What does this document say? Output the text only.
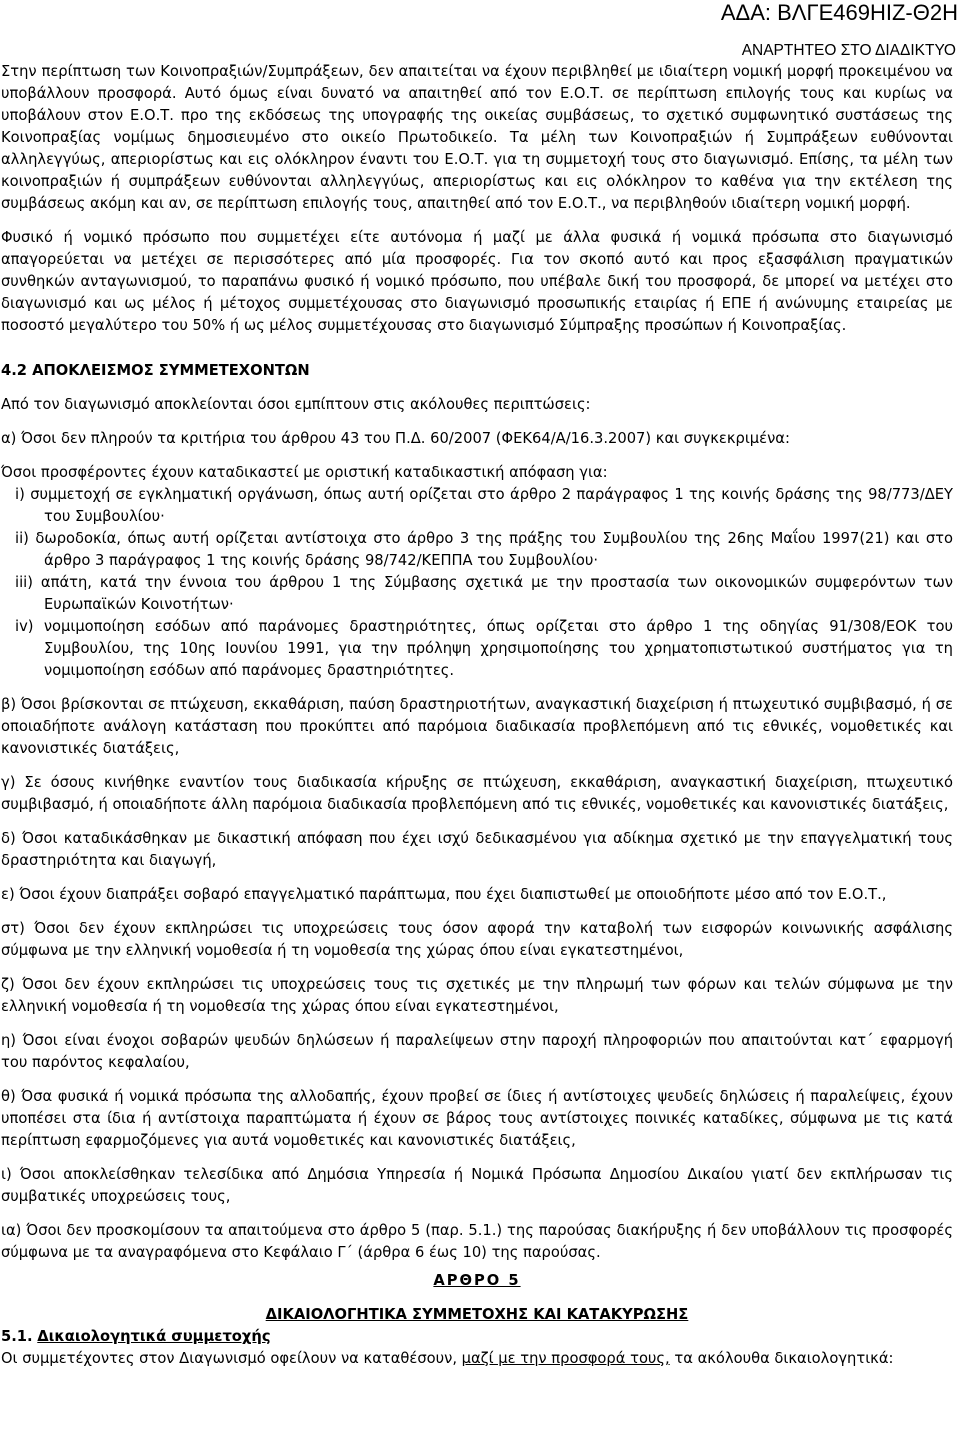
ΑΔΑ: ΒΛΓΕ469ΗΙΖ-Θ2Η
ΑΝΑΡΤΗΤΕΟ ΣΤΟ ΔΙΑΔΙΚΤΥΟ

Στην περίπτωση των Κοινοπραξιών/Συμπράξεων, δεν απαιτείται να έχουν περιβληθεί με ιδιαίτερη νομική μορφή προκειμένου να υποβάλλουν προσφορά. Αυτό όμως είναι δυνατό να απαιτηθεί από τον Ε.Ο.Τ. σε περίπτωση επιλογής τους και κυρίως να υποβάλουν στον Ε.Ο.Τ. προ της εκδόσεως της υπογραφής της οικείας συμβάσεως, το σχετικό συμφωνητικό συστάσεως της Κοινοπραξίας νομίμως δημοσιευμένο στο οικείο Πρωτοδικείο. Τα μέλη των Κοινοπραξιών ή Συμπράξεων ευθύνονται αλληλεγγύως, απεριορίστως και εις ολόκληρον έναντι του Ε.Ο.Τ. για τη συμμετοχή τους στο διαγωνισμό. Επίσης, τα μέλη των κοινοπραξιών ή συμπράξεων ευθύνονται αλληλεγγύως, απεριορίστως και εις ολόκληρον το καθένα για την εκτέλεση της συμβάσεως ακόμη και αν, σε περίπτωση επιλογής τους, απαιτηθεί από τον Ε.Ο.Τ., να περιβληθούν ιδιαίτερη νομική μορφή.

Φυσικό ή νομικό πρόσωπο που συμμετέχει είτε αυτόνομα ή μαζί με άλλα φυσικά ή νομικά πρόσωπα στο διαγωνισμό απαγορεύεται να μετέχει σε περισσότερες από μία προσφορές. Για τον σκοπό αυτό και προς εξασφάλιση πραγματικών συνθηκών ανταγωνισμού, το παραπάνω φυσικό ή νομικό πρόσωπο, που υπέβαλε δική του προσφορά, δε μπορεί να μετέχει στο διαγωνισμό και ως μέλος ή μέτοχος συμμετέχουσας στο διαγωνισμό προσωπικής εταιρίας ή ΕΠΕ ή ανώνυμης εταιρείας με ποσοστό μεγαλύτερο του 50% ή ως μέλος συμμετέχουσας στο διαγωνισμό Σύμπραξης προσώπων ή Κοινοπραξίας.

4.2 ΑΠΟΚΛΕΙΣΜΟΣ ΣΥΜΜΕΤΕΧΟΝΤΩΝ

Από τον διαγωνισμό αποκλείονται όσοι εμπίπτουν στις ακόλουθες περιπτώσεις:

α) Όσοι δεν πληρούν τα κριτήρια του άρθρου 43 του Π.Δ. 60/2007 (ΦΕΚ64/Α/16.3.2007) και συγκεκριμένα:

Όσοι προσφέροντες έχουν καταδικαστεί με οριστική καταδικαστική απόφαση για:

i) συμμετοχή σε εγκληματική οργάνωση, όπως αυτή ορίζεται στο άρθρο 2 παράγραφος 1 της κοινής δράσης της 98/773/ΔΕΥ του Συμβουλίου·

ii) δωροδοκία, όπως αυτή ορίζεται αντίστοιχα στο άρθρο 3 της πράξης του Συμβουλίου της 26ης Μαΐου 1997(21) και στο άρθρο 3 παράγραφος 1 της κοινής δράσης 98/742/ΚΕΠΠΑ του Συμβουλίου·

iii) απάτη, κατά την έννοια του άρθρου 1 της Σύμβασης σχετικά με την προστασία των οικονομικών συμφερόντων των Ευρωπαϊκών Κοινοτήτων·

iv) νομιμοποίηση εσόδων από παράνομες δραστηριότητες, όπως ορίζεται στο άρθρο 1 της οδηγίας 91/308/ΕΟΚ του Συμβουλίου, της 10ης Ιουνίου 1991, για την πρόληψη χρησιμοποίησης του χρηματοπιστωτικού συστήματος για τη νομιμοποίηση εσόδων από παράνομες δραστηριότητες.

β) Όσοι βρίσκονται σε πτώχευση, εκκαθάριση, παύση δραστηριοτήτων, αναγκαστική διαχείριση ή πτωχευτικό συμβιβασμό, ή σε οποιαδήποτε ανάλογη κατάσταση που προκύπτει από παρόμοια διαδικασία προβλεπόμενη από τις εθνικές, νομοθετικές και κανονιστικές διατάξεις,

γ) Σε όσους κινήθηκε εναντίον τους διαδικασία κήρυξης σε πτώχευση, εκκαθάριση, αναγκαστική διαχείριση, πτωχευτικό συμβιβασμό, ή οποιαδήποτε άλλη παρόμοια διαδικασία προβλεπόμενη από τις εθνικές, νομοθετικές και κανονιστικές διατάξεις,

δ) Όσοι καταδικάσθηκαν με δικαστική απόφαση που έχει ισχύ δεδικασμένου για αδίκημα σχετικό με την επαγγελματική τους δραστηριότητα και διαγωγή,

ε) Όσοι έχουν διαπράξει σοβαρό επαγγελματικό παράπτωμα, που έχει διαπιστωθεί με οποιοδήποτε μέσο από τον Ε.Ο.Τ.,

στ) Όσοι δεν έχουν εκπληρώσει τις υποχρεώσεις τους όσον αφορά την καταβολή των εισφορών κοινωνικής ασφάλισης σύμφωνα με την ελληνική νομοθεσία ή τη νομοθεσία της χώρας όπου είναι εγκατεστημένοι,

ζ) Όσοι δεν έχουν εκπληρώσει τις υποχρεώσεις τους τις σχετικές με την πληρωμή των φόρων και τελών σύμφωνα με την ελληνική νομοθεσία ή τη νομοθεσία της χώρας όπου είναι εγκατεστημένοι,

η) Όσοι είναι ένοχοι σοβαρών ψευδών δηλώσεων ή παραλείψεων στην παροχή πληροφοριών που απαιτούνται κατ΄ εφαρμογή του παρόντος κεφαλαίου,

θ) Όσα φυσικά ή νομικά πρόσωπα της αλλοδαπής, έχουν προβεί σε ίδιες ή αντίστοιχες ψευδείς δηλώσεις ή παραλείψεις, έχουν υποπέσει στα ίδια ή αντίστοιχα παραπτώματα ή έχουν σε βάρος τους αντίστοιχες ποινικές καταδίκες, σύμφωνα με τις κατά περίπτωση εφαρμοζόμενες για αυτά νομοθετικές και κανονιστικές διατάξεις,

ι) Όσοι αποκλείσθηκαν τελεσίδικα από Δημόσια Υπηρεσία ή Νομικά Πρόσωπα Δημοσίου Δικαίου γιατί δεν εκπλήρωσαν τις συμβατικές υποχρεώσεις τους,

ια) Όσοι δεν προσκομίσουν τα απαιτούμενα στο άρθρο 5 (παρ. 5.1.) της παρούσας διακήρυξης ή δεν υποβάλλουν τις προσφορές σύμφωνα με τα αναγραφόμενα στο Κεφάλαιο Γ΄ (άρθρα 6 έως 10) της παρούσας.

ΑΡΘΡΟ 5

ΔΙΚΑΙΟΛΟΓΗΤΙΚΑ ΣΥΜΜΕΤΟΧΗΣ ΚΑΙ ΚΑΤΑΚΥΡΩΣΗΣ

5.1. Δικαιολογητικά συμμετοχής

Οι συμμετέχοντες στον Διαγωνισμό οφείλουν να καταθέσουν, μαζί με την προσφορά τους, τα ακόλουθα δικαιολογητικά:
